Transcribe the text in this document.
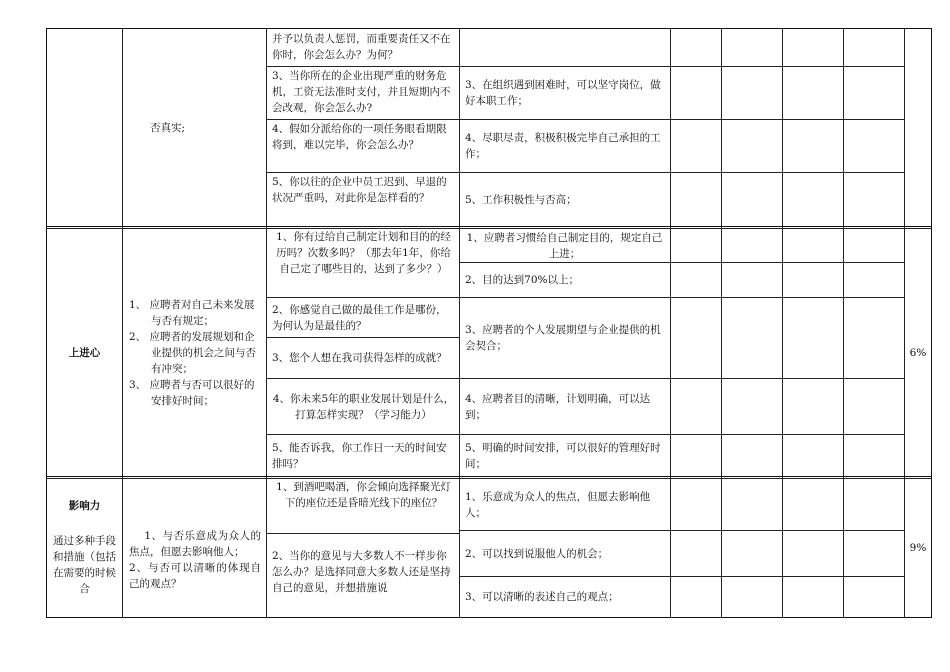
否真实;
并予以负责人惩罚，而重要责任又不在你时，你会怎么办？为何？
3、当你所在的企业出现严重的财务危机，工资无法准时支付，并且短期内不会改观，你会怎么办?
4、假如分派给你的一项任务眼看期限将到，难以完毕，你会怎么办？
5、你以往的企业中员工迟到、早退的状况严重吗，对此你是怎样看的？
3、在组织遇到困难时，可以坚守岗位，做好本职工作；
4、尽职尽责，积极积极完毕自己承担的工作；
5、工作积极性与否高；
上进心
1、 应聘者对自己未来发展与否有规定；
2、 应聘者的发展规划和企业提供的机会之间与否有冲突；
3、 应聘者与否可以很好的安排好时间；
1、你有过给自己制定计划和目的的经历吗？次数多吗？（那去年1年，你给自己定了哪些目的，达到了多少？）
2、你感觉自己做的最佳工作是哪份，为何认为是最佳的？
3、您个人想在我司获得怎样的成就？
4、你未来5年的职业发展计划是什么，打算怎样实现？（学习能力）
5、能否诉我，你工作日一天的时间安排吗？
1、应聘者习惯给自己制定目的，规定自己上进；
2、目的达到70%以上；
3、应聘者的个人发展期望与企业提供的机会契合；
4、应聘者目的清晰，计划明确，可以达到；
5、明确的时间安排，可以很好的管理好时间；
6%
影响力
通过多种手段和措施（包括在需要的时候合

1、与否乐意成为众人的焦点，但愿去影响他人；
2、与否可以清晰的体现自己的观点？

1、到酒吧喝酒，你会倾向选择聚光灯下的座位还是昏暗光线下的座位？
2、当你的意见与大多数人不一样步你怎么办？是选择同意大多数人还是坚持自己的意见，并想措施说
1、乐意成为众人的焦点，但愿去影响他人；
2、可以找到说服他人的机会；
3、可以清晰的表述自己的观点；
9%
